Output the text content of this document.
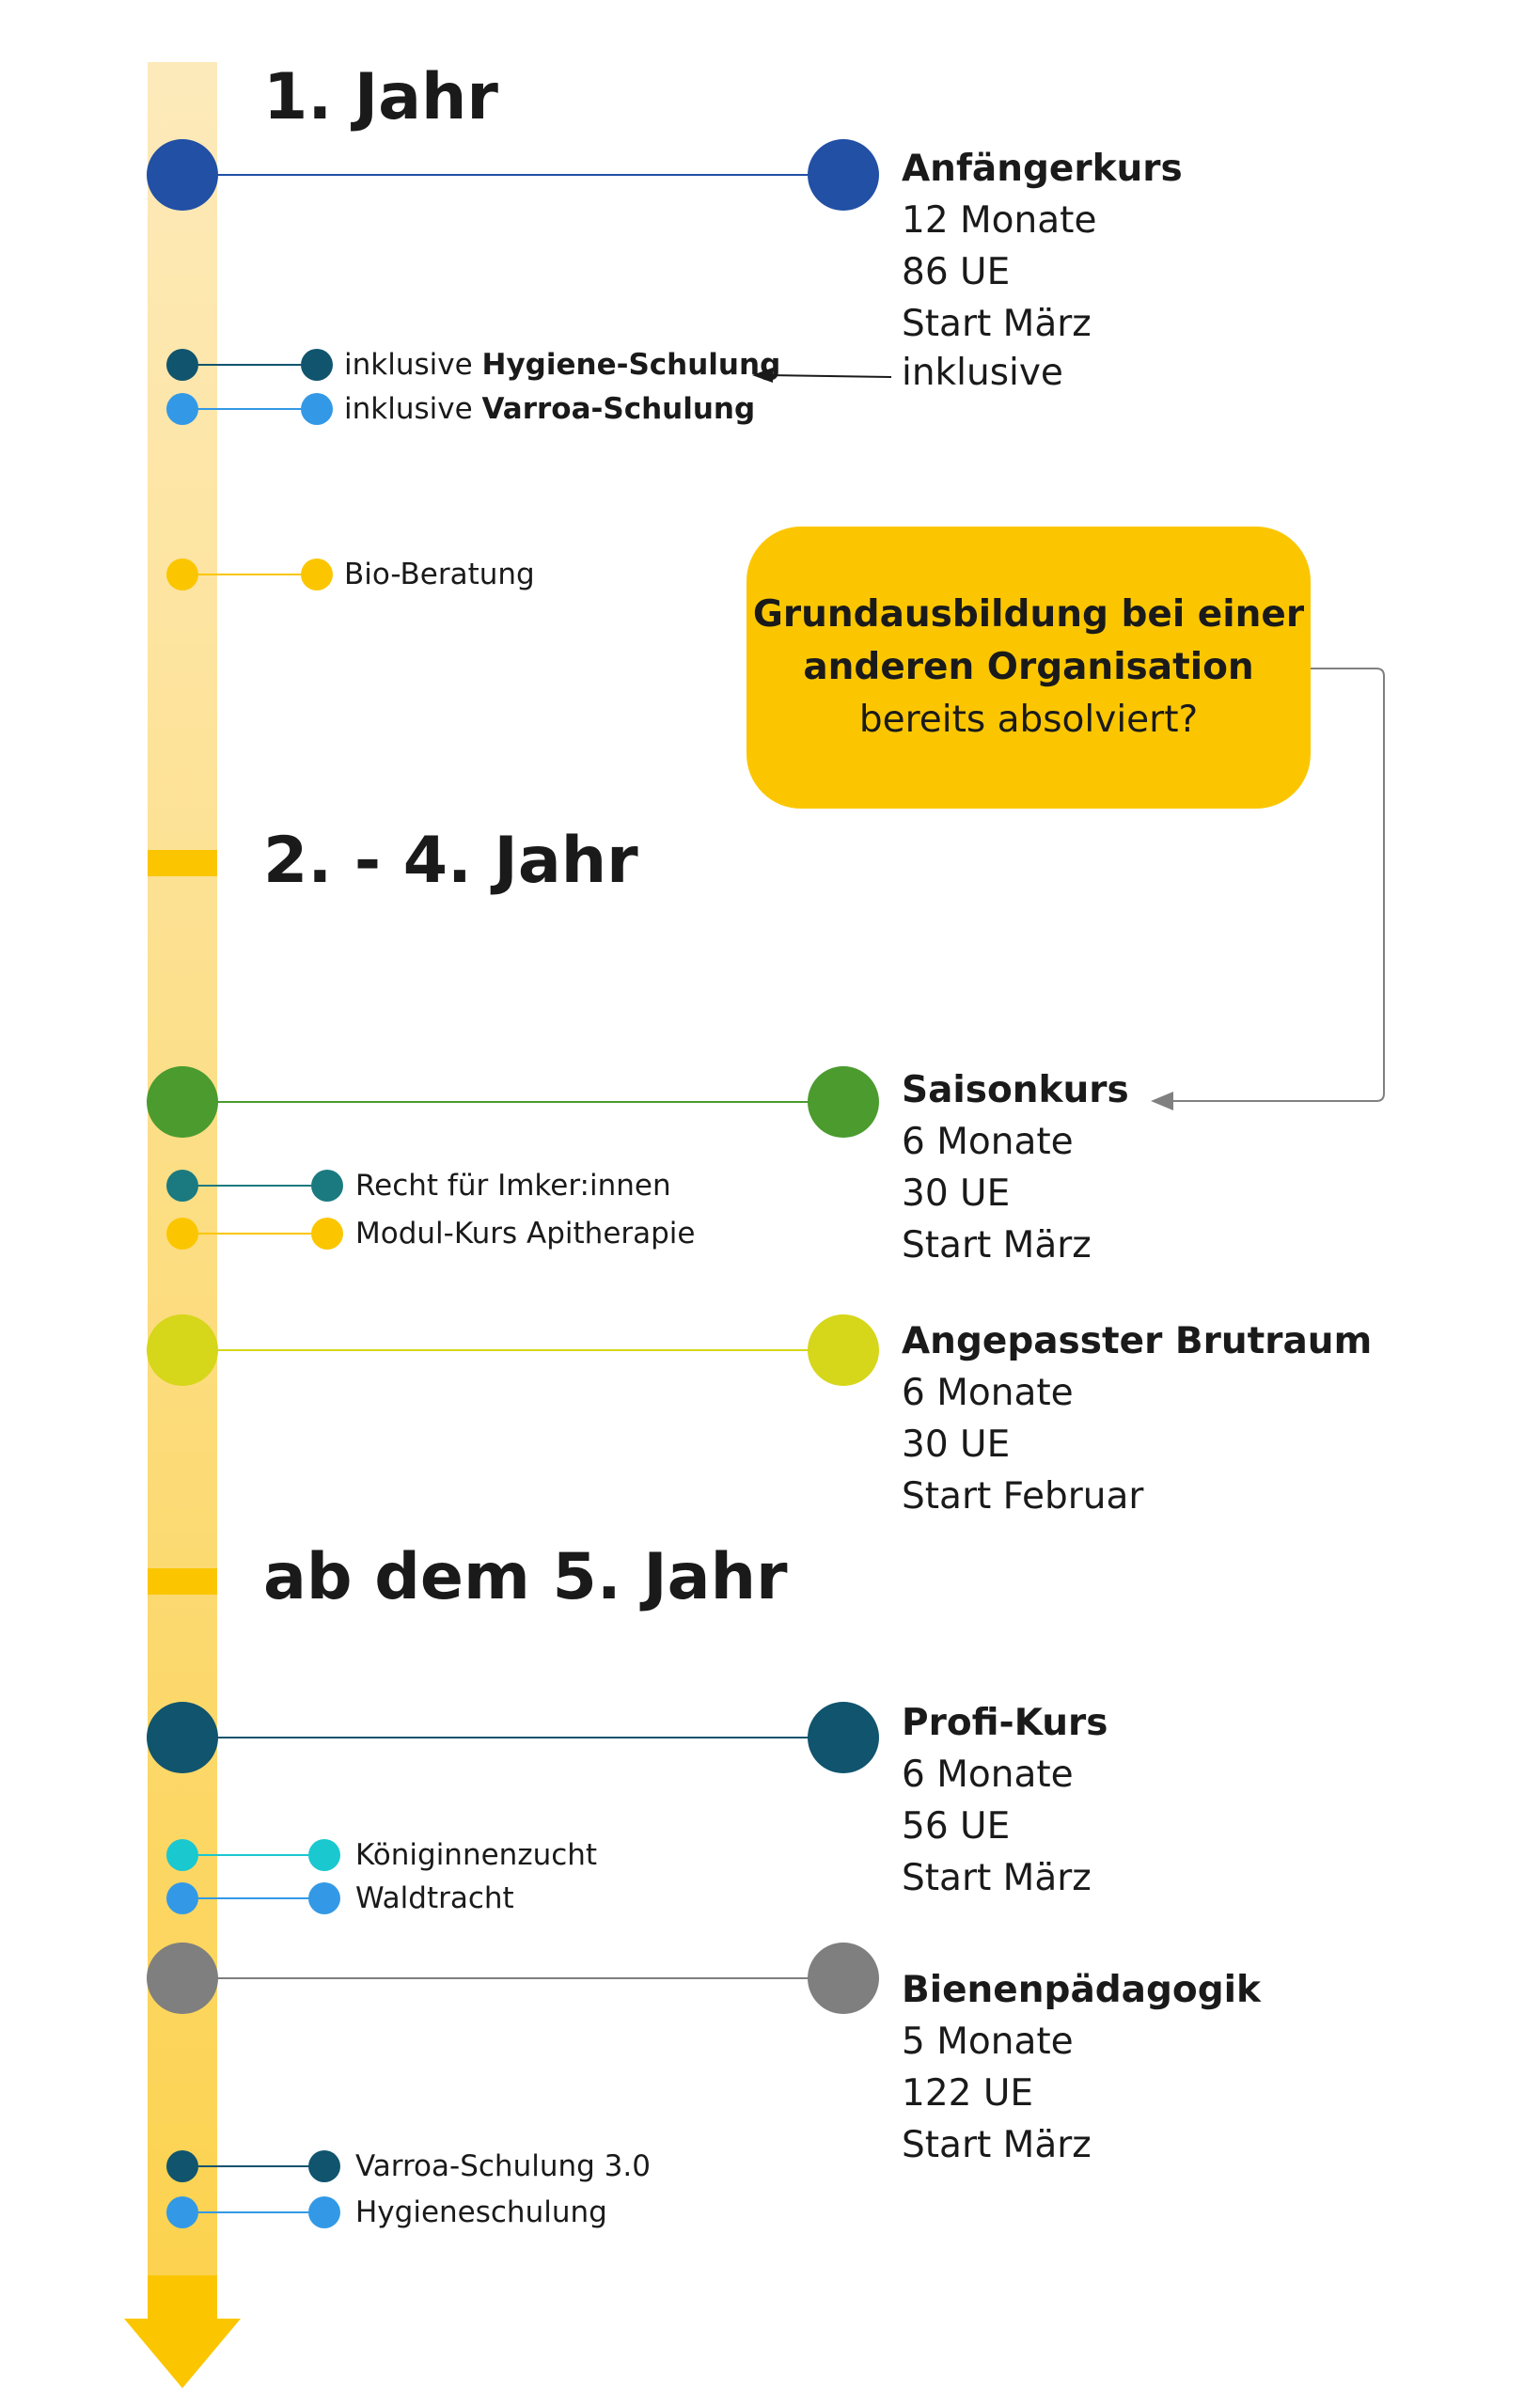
1. Jahr
2. - 4. Jahr
ab dem 5. Jahr
Anfängerkurs
12 Monate
86 UE
Start März
inklusive
Saisonkurs
6 Monate
30 UE
Start März
Angepasster Brutraum
6 Monate
30 UE
Start Februar
Profi-Kurs
6 Monate
56 UE
Start März
Bienenpädagogik
5 Monate
122 UE
Start März
inklusive Hygiene-Schulung
inklusive Varroa-Schulung
Bio-Beratung
Recht für Imker:innen
Modul-Kurs Apitherapie
Königinnenzucht
Waldtracht
Varroa-Schulung 3.0
Hygieneschulung
Grundausbildung bei einer
anderen Organisation
bereits absolviert?
